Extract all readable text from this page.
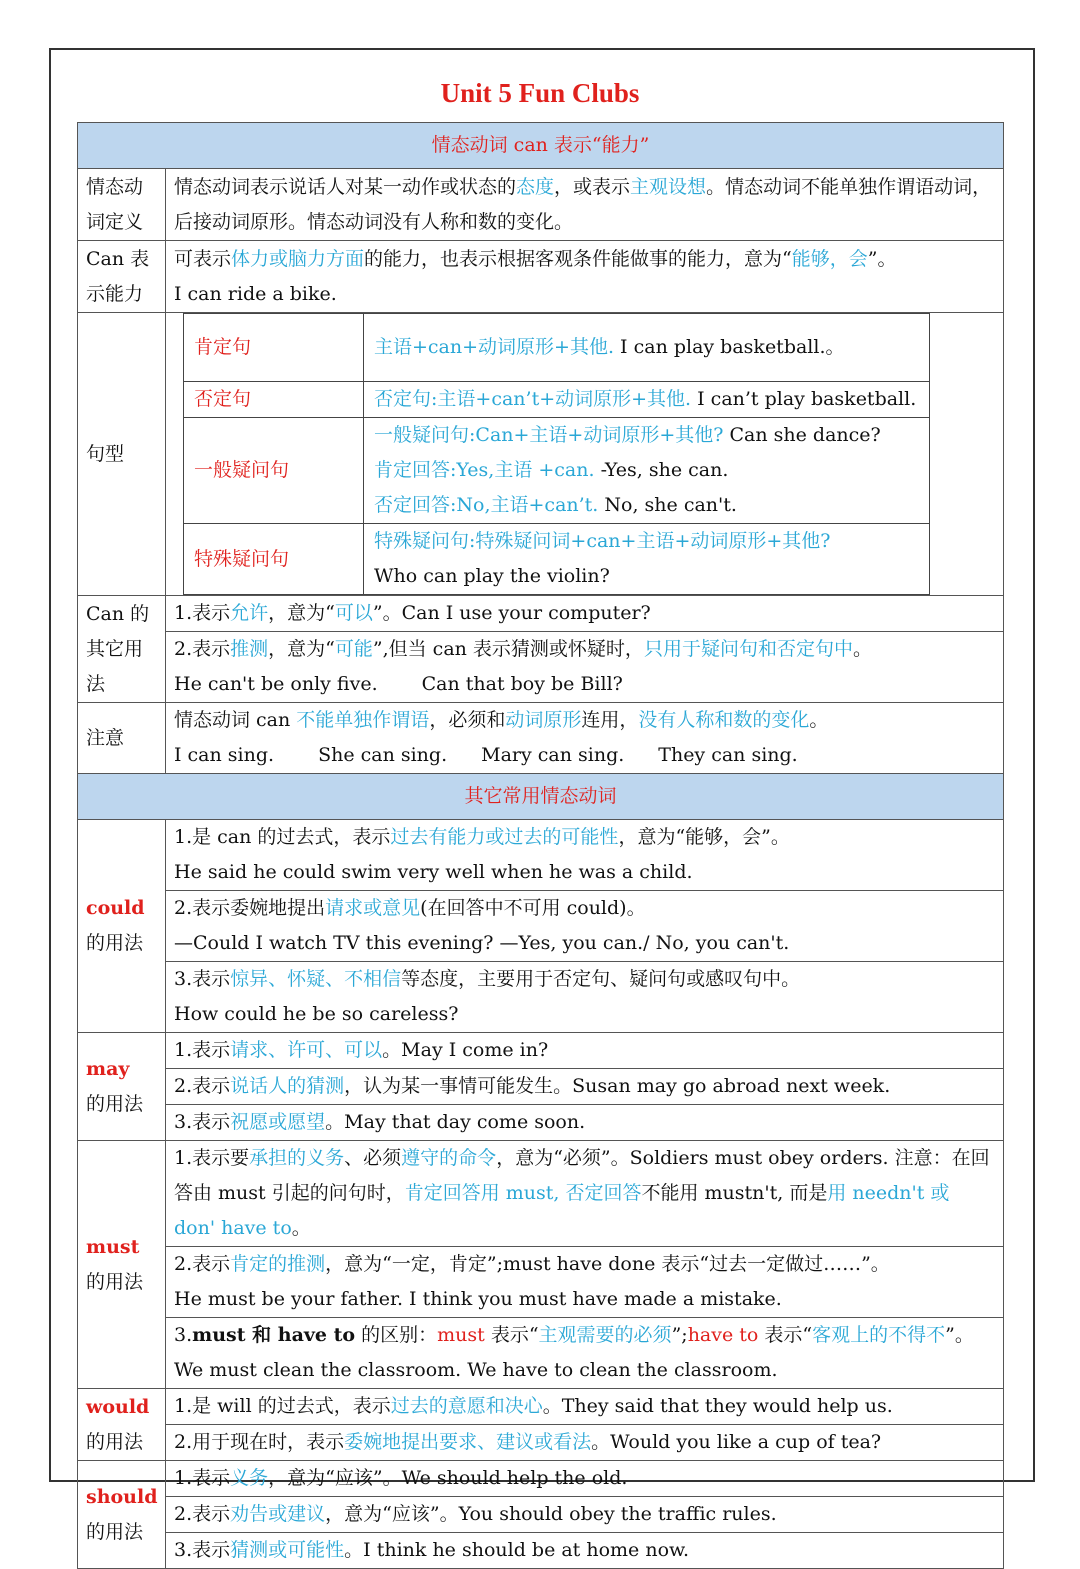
Unit 5 Fun Clubs
情态动词 can 表示“能力”
情态动词定义	情态动词表示说话人对某一动作或状态的态度，或表示主观设想。情态动词不能单独作谓语动词，后接动词原形。情态动词没有人称和数的变化。
Can 表示能力	可表示体力或脑力方面的能力，也表示根据客观条件能做事的能力，意为“能够，会”。
I can ride a bike.
句型	
肯定句	主语+can+动词原形+其他. I can play basketball.。
否定句	否定句:主语+can’t+动词原形+其他. I can’t play basketball.
一般疑问句	一般疑问句:Can+主语+动词原形+其他? Can she dance?
肯定回答:Yes,主语 +can. -Yes, she can.
否定回答:No,主语+can’t. No, she can't.
特殊疑问句	特殊疑问句:特殊疑问词+can+主语+动词原形+其他?
Who can play the violin?

Can 的其它用法	1.表示允许，意为“可以”。Can I use your computer?
2.表示推测，意为“可能”,但当 can 表示猜测或怀疑时，只用于疑问句和否定句中。
He can't be only five. Can that boy be Bill?
注意	情态动词 can 不能单独作谓语，必须和动词原形连用，没有人称和数的变化。
I can sing. She can sing. Mary can sing. They can sing.
其它常用情态动词
could
的用法	1.是 can 的过去式，表示过去有能力或过去的可能性，意为“能够，会”。
He said he could swim very well when he was a child.
2.表示委婉地提出请求或意见(在回答中不可用 could)。
—Could I watch TV this evening? —Yes, you can./ No, you can't.
3.表示惊异、怀疑、不相信等态度，主要用于否定句、疑问句或感叹句中。
How could he be so careless?
may
的用法	1.表示请求、许可、可以。May I come in?
2.表示说话人的猜测，认为某一事情可能发生。Susan may go abroad next week.
3.表示祝愿或愿望。May that day come soon.
must
的用法	1.表示要承担的义务、必须遵守的命令，意为“必须”。Soldiers must obey orders. 注意：在回答由 must 引起的问句时，肯定回答用 must, 否定回答不能用 mustn't, 而是用 needn't 或 don' have to。
2.表示肯定的推测，意为“一定，肯定”;must have done 表示“过去一定做过……”。
He must be your father. I think you must have made a mistake.
3.must 和 have to 的区别：must 表示“主观需要的必须”;have to 表示“客观上的不得不”。We must clean the classroom. We have to clean the classroom.
would
的用法	1.是 will 的过去式，表示过去的意愿和决心。They said that they would help us.
2.用于现在时，表示委婉地提出要求、建议或看法。Would you like a cup of tea?
should
的用法	1.表示义务，意为“应该”。We should help the old.
2.表示劝告或建议，意为“应该”。You should obey the traffic rules.
3.表示猜测或可能性。I think he should be at home now.
